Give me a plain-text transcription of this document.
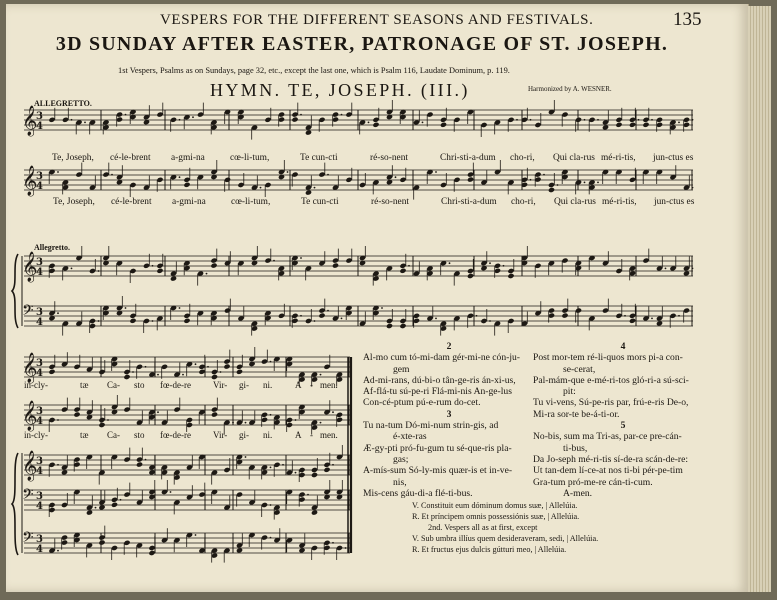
VESPERS FOR THE DIFFERENT SEASONS AND FESTIVALS.	135
3D SUNDAY AFTER EASTER, PATRONAGE OF ST. JOSEPH.
1st Vespers, Psalms as on Sundays, page 32, etc., except the last one, which is Psalm 116, Laudate Dominum, p. 119.
HYMN. TE, JOSEPH. (III.)	Harmonized by A. WESNER.
ALLEGRETTO.
Allegretto.
𝄞
3
4
𝄞
3
4
𝄞
3
4
𝄢 3
4
𝄞
3
4
𝄞
3
4
𝄞
3
4
𝄢 3
4
𝄢 3
4
Te, Joseph, cé-le-brent a-gmi-na	cœ-li-tum,	Te cun-cti	ré-so-nent	Chri-sti-a-dum cho-ri, Qui cla-rus mé-ri-tis, jun-ctus es
Te, Joseph, cé-le-brent a-gmi-na	cœ-li-tum,	Te cun-cti	ré-so-nent	Chri-sti-a-dum cho-ri, Qui cla-rus mé-ri-tis, jun-ctus es
in-cly-	tæ Ca- sto fœ-de-re Vir- gi- ni.	A - men.
in-cly-	tæ Ca- sto fœ-de-re Vir- gi- ni.	A - men.
2
Al-mo cum tó-mi-dam gér-mi-ne cón-ju-
gem
Ad-mi-rans, dú-bi-o tân-ge-ris án-xi-us,
Af-flá-tu sú-pe-ri Flá-mi-nis An-ge-lus
Con-cé-ptum pú-e-rum do-cet.
3
Tu na-tum Dó-mi-num strin-gis, ad
é-xte-ras
Æ-gy-pti pró-fu-gum tu sé-que-ris pla-
gas;
A-mís-sum Só-ly-mis quær-is et in-ve-
nis,
Mis-cens gáu-di-a flé-ti-bus.
4
Post mor-tem ré-li-quos mors pi-a con-
se-cerat,
Pal-mám-que e-mé-ri-tos gló-ri-a sú-sci-
pit:
Tu vi-vens, Sú-pe-ris par, frú-e-ris De-o,
Mi-ra sor-te be-á-ti-or.
5
No-bis, sum ma Tri-as, par-ce pre-cán-
ti-bus,
Da Jo-seph mé-ri-tis sí-de-ra scán-de-re:
Ut tan-dem lí-ce-at nos ti-bi pér-pe-tim
Gra-tum pró-me-re cán-ti-cum.
A-men.
V. Constituit eum dóminum domus suæ, | Allelúia.
R. Et príncipem omnis possessiónis suæ, | Allelúia.
2nd. Vespers all as at first, except
V. Sub umbra illíus quem desideraveram, sedi, | Allelúia.
R. Et fructus ejus dulcis gútturi meo, | Allelúia.
